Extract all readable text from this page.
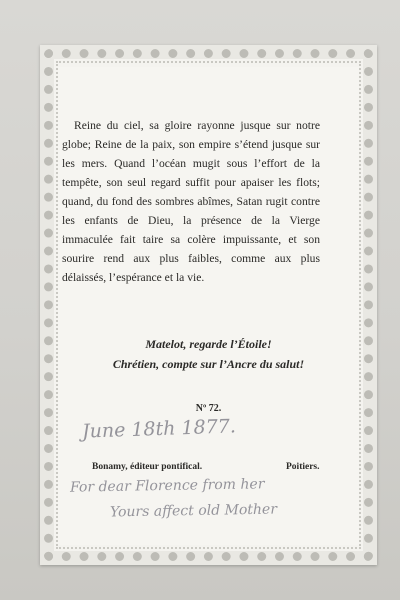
Reine du ciel, sa gloire rayonne jusque sur notre globe; Reine de la paix, son empire s’étend jusque sur les mers. Quand l’océan mugit sous l’effort de la tempête, son seul regard suffit pour apaiser les flots; quand, du fond des sombres abîmes, Satan rugit contre les enfants de Dieu, la présence de la Vierge immaculée fait taire sa colère impuissante, et son sourire rend aux plus faibles, comme aux plus délaissés, l’espérance et la vie.
Matelot, regarde l’Étoile!
Chrétien, compte sur l’Ancre du salut!
Nº 72.
June 18th 1877.
Bonamy, éditeur pontifical.	Poitiers.
For dear Florence from her
Yours affect old Mother
